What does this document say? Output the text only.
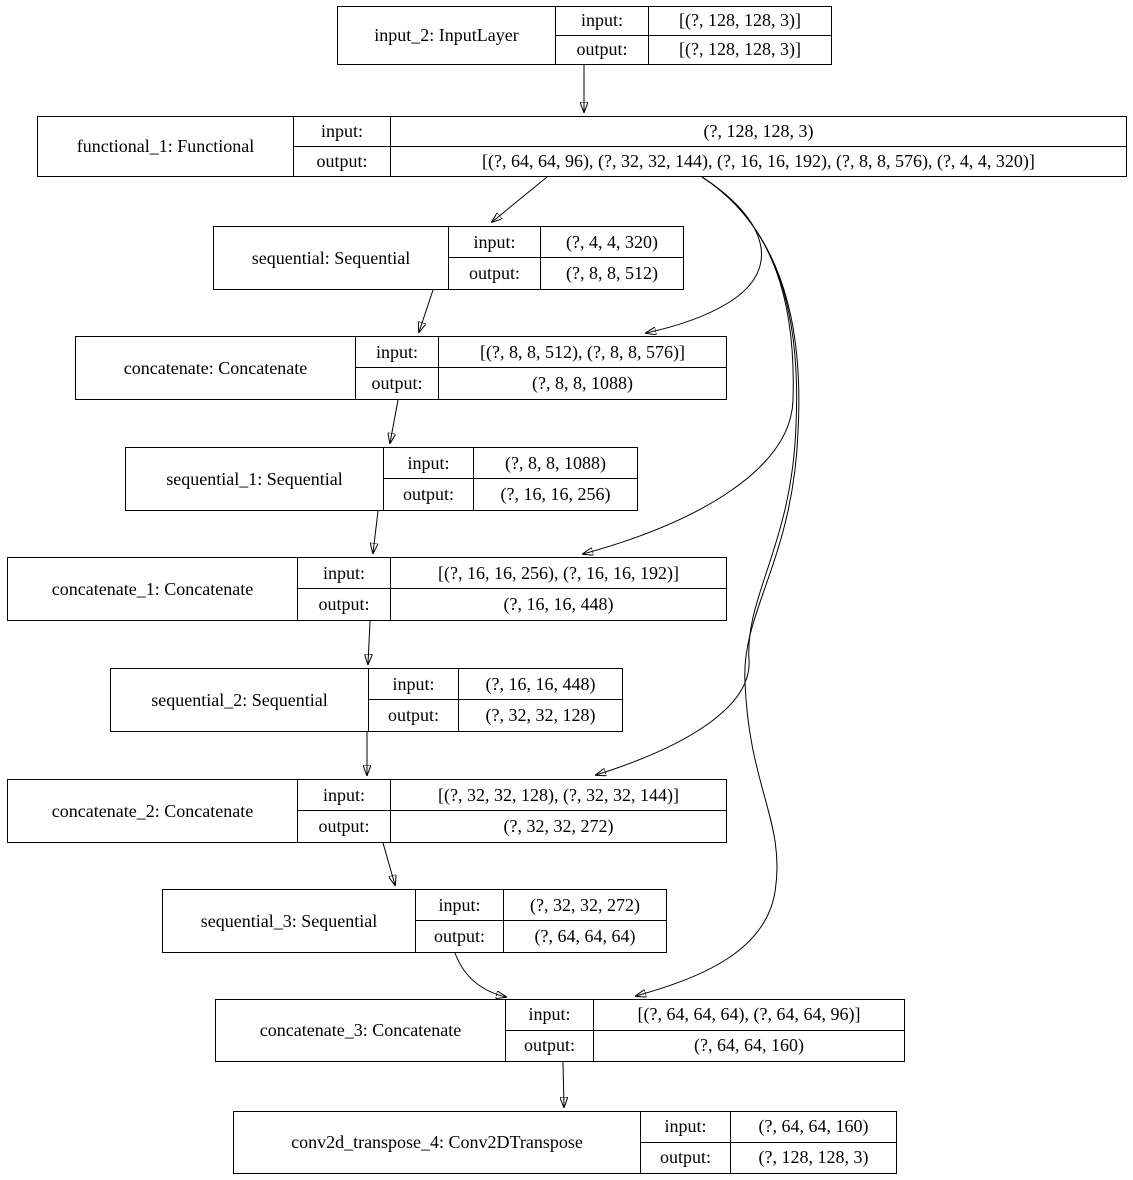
input_2: InputLayer
input:	[(?, 128, 128, 3)]
output:	[(?, 128, 128, 3)]
functional_1: Functional
input:	(?, 128, 128, 3)
output:	[(?, 64, 64, 96), (?, 32, 32, 144), (?, 16, 16, 192), (?, 8, 8, 576), (?, 4, 4, 320)]
sequential: Sequential
input:	(?, 4, 4, 320)
output:	(?, 8, 8, 512)
concatenate: Concatenate
input:	[(?, 8, 8, 512), (?, 8, 8, 576)]
output:	(?, 8, 8, 1088)
sequential_1: Sequential
input:	(?, 8, 8, 1088)
output:	(?, 16, 16, 256)
concatenate_1: Concatenate
input:	[(?, 16, 16, 256), (?, 16, 16, 192)]
output:	(?, 16, 16, 448)
sequential_2: Sequential
input:	(?, 16, 16, 448)
output:	(?, 32, 32, 128)
concatenate_2: Concatenate
input:	[(?, 32, 32, 128), (?, 32, 32, 144)]
output:	(?, 32, 32, 272)
sequential_3: Sequential
input:	(?, 32, 32, 272)
output:	(?, 64, 64, 64)
concatenate_3: Concatenate
input:	[(?, 64, 64, 64), (?, 64, 64, 96)]
output:	(?, 64, 64, 160)
conv2d_transpose_4: Conv2DTranspose
input:	(?, 64, 64, 160)
output:	(?, 128, 128, 3)
